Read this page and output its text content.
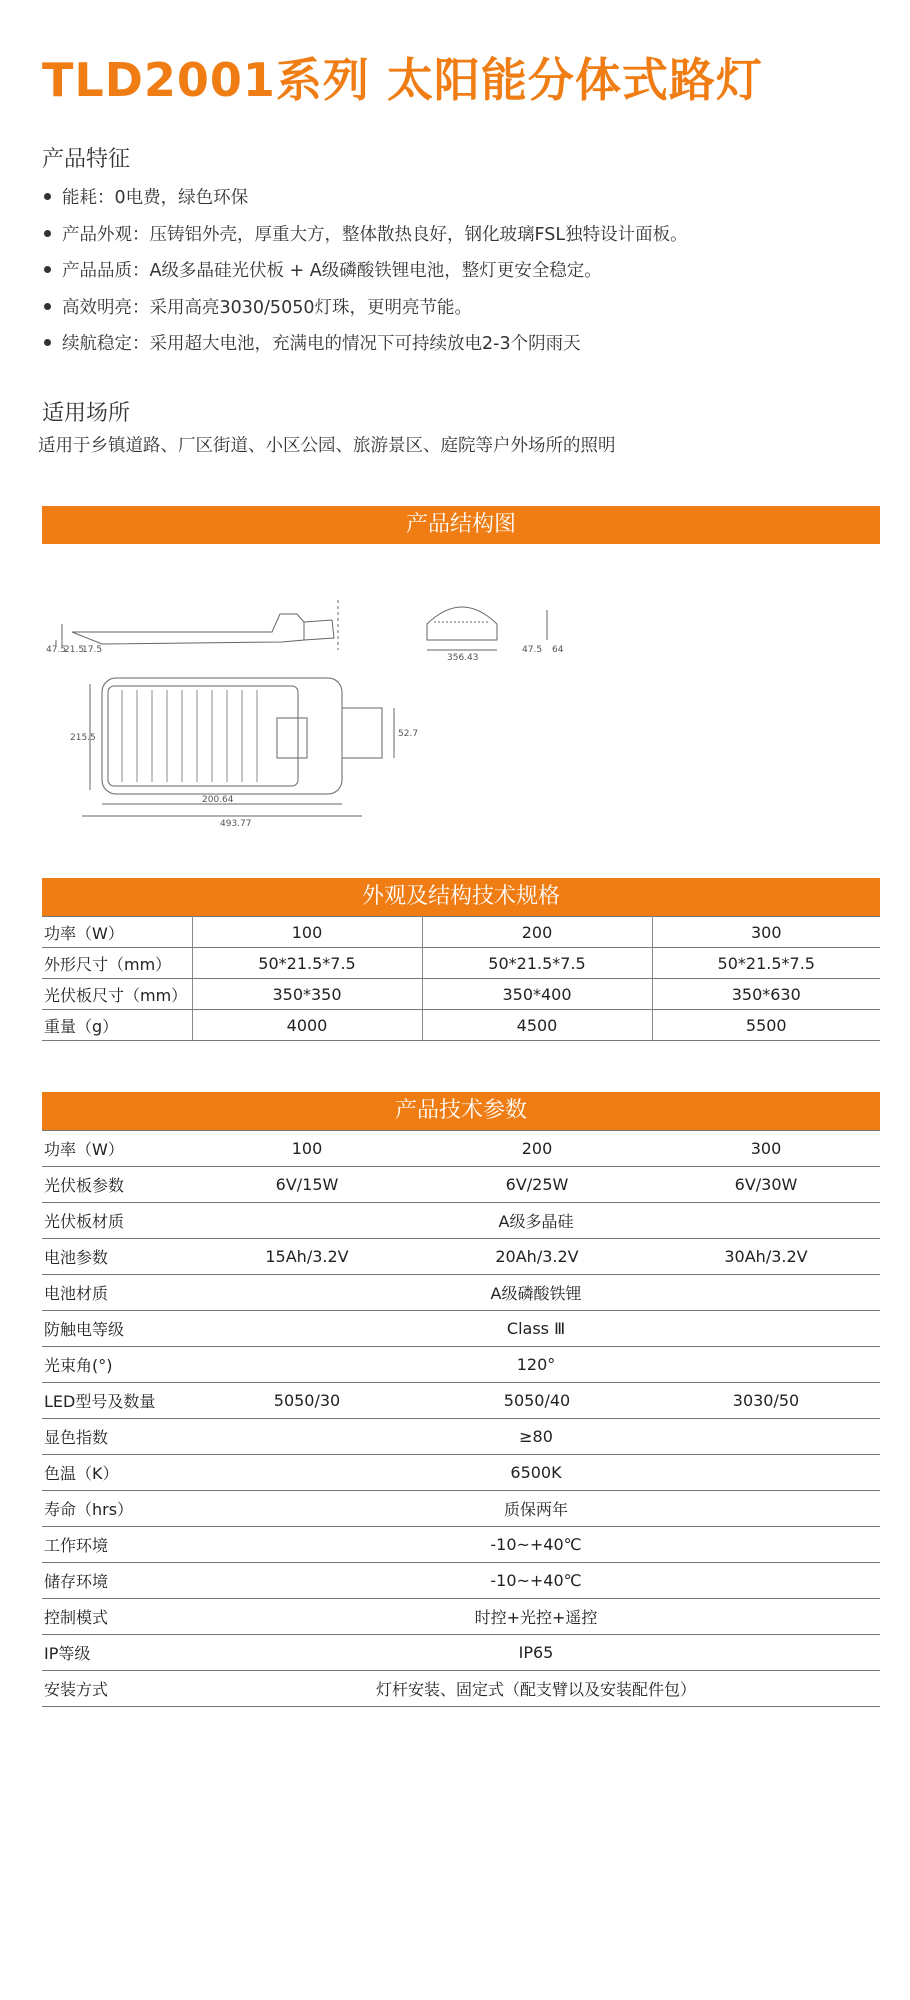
TLD2001系列 太阳能分体式路灯
产品特征
能耗：0电费，绿色环保
产品外观：压铸铝外壳，厚重大方，整体散热良好，钢化玻璃FSL独特设计面板。
产品品质：A级多晶硅光伏板 + A级磷酸铁锂电池，整灯更安全稳定。
高效明亮：采用高亮3030/5050灯珠，更明亮节能。
续航稳定：采用超大电池，充满电的情况下可持续放电2-3个阴雨天
适用场所
适用于乡镇道路、厂区街道、小区公园、旅游景区、庭院等户外场所的照明
产品结构图
47.5
21.5
17.5
356.43
47.5 64
200.64
493.77
215.5	52.7
外观及结构技术规格
功率（W）	100	200	300
外形尺寸（mm）	50*21.5*7.5	50*21.5*7.5	50*21.5*7.5
光伏板尺寸（mm）	350*350	350*400	350*630
重量（g）	4000	4500	5500
产品技术参数
功率（W）	100	200	300
光伏板参数	6V/15W	6V/25W	6V/30W
光伏板材质	A级多晶硅		
电池参数	15Ah/3.2V	20Ah/3.2V	30Ah/3.2V
电池材质	A级磷酸铁锂		
防触电等级	Class Ⅲ		
光束角(°)	120°		
LED型号及数量	5050/30	5050/40	3030/50
显色指数	≥80		
色温（K）	6500K		
寿命（hrs）	质保两年		
工作环境	-10~+40℃		
储存环境	-10~+40℃		
控制模式	时控+光控+遥控		
IP等级	IP65		
安装方式	灯杆安装、固定式（配支臂以及安装配件包）		
